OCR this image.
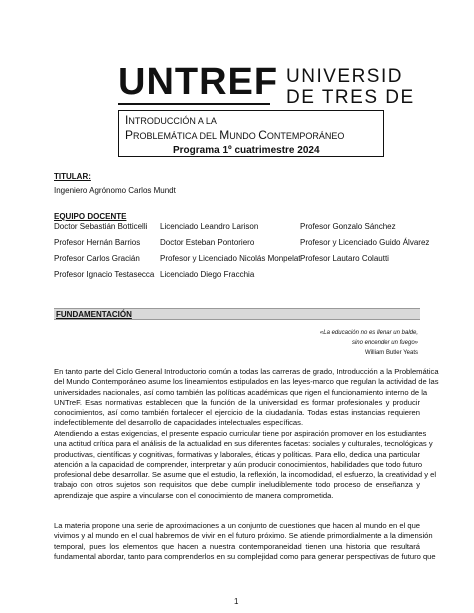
UNTREF UNIVERSID
DE TRES DE
INTRODUCCIÓN A LA
PROBLEMÁTICA DEL MUNDO CONTEMPORÁNEO
Programa 1º cuatrimestre 2024
TITULAR:
Ingeniero Agrónomo Carlos Mundt
EQUIPO DOCENTE
Doctor Sebastián Botticelli
Profesor Hernán Barrios
Profesor Carlos Gracián
Profesor Ignacio Testasecca
Licenciado Leandro Larison
Doctor Esteban Pontoriero
Profesor y Licenciado Nicolás Monpelat
Licenciado Diego Fracchia
Profesor Gonzalo Sánchez
Profesor y Licenciado Guido Álvarez
Profesor Lautaro Colautti
FUNDAMENTACIÓN
«La educación no es llenar un balde,
sino encender un fuego»
William Butler Yeats
En tanto parte del Ciclo General Introductorio común a todas las carreras de grado, Introducción a la Problemática
del Mundo Contemporáneo asume los lineamientos estipulados en las leyes-marco que regulan la actividad de las
universidades nacionales, así como también las políticas académicas que rigen el funcionamiento interno de la
UNTreF. Esas normativas establecen que la función de la universidad es formar profesionales y producir
conocimientos, así como también fortalecer el ejercicio de la ciudadanía. Todas estas instancias requieren
indefectiblemente del desarrollo de capacidades intelectuales específicas.
Atendiendo a estas exigencias, el presente espacio curricular tiene por aspiración promover en los estudiantes
una actitud crítica para el análisis de la actualidad en sus diferentes facetas: sociales y culturales, tecnológicas y
productivas, científicas y cognitivas, formativas y laborales, éticas y políticas. Para ello, dedica una particular
atención a la capacidad de comprender, interpretar y aún producir conocimientos, habilidades que todo futuro
profesional debe desarrollar. Se asume que el estudio, la reflexión, la incomodidad, el esfuerzo, la creatividad y el
trabajo con otros sujetos son requisitos que debe cumplir ineludiblemente todo proceso de enseñanza y
aprendizaje que aspire a vincularse con el conocimiento de manera comprometida.
La materia propone una serie de aproximaciones a un conjunto de cuestiones que hacen al mundo en el que
vivimos y al mundo en el cual habremos de vivir en el futuro próximo. Se atiende primordialmente a la dimensión
temporal, pues los elementos que hacen a nuestra contemporaneidad tienen una historia que resultará
fundamental abordar, tanto para comprenderlos en su complejidad como para generar perspectivas de futuro que
1
